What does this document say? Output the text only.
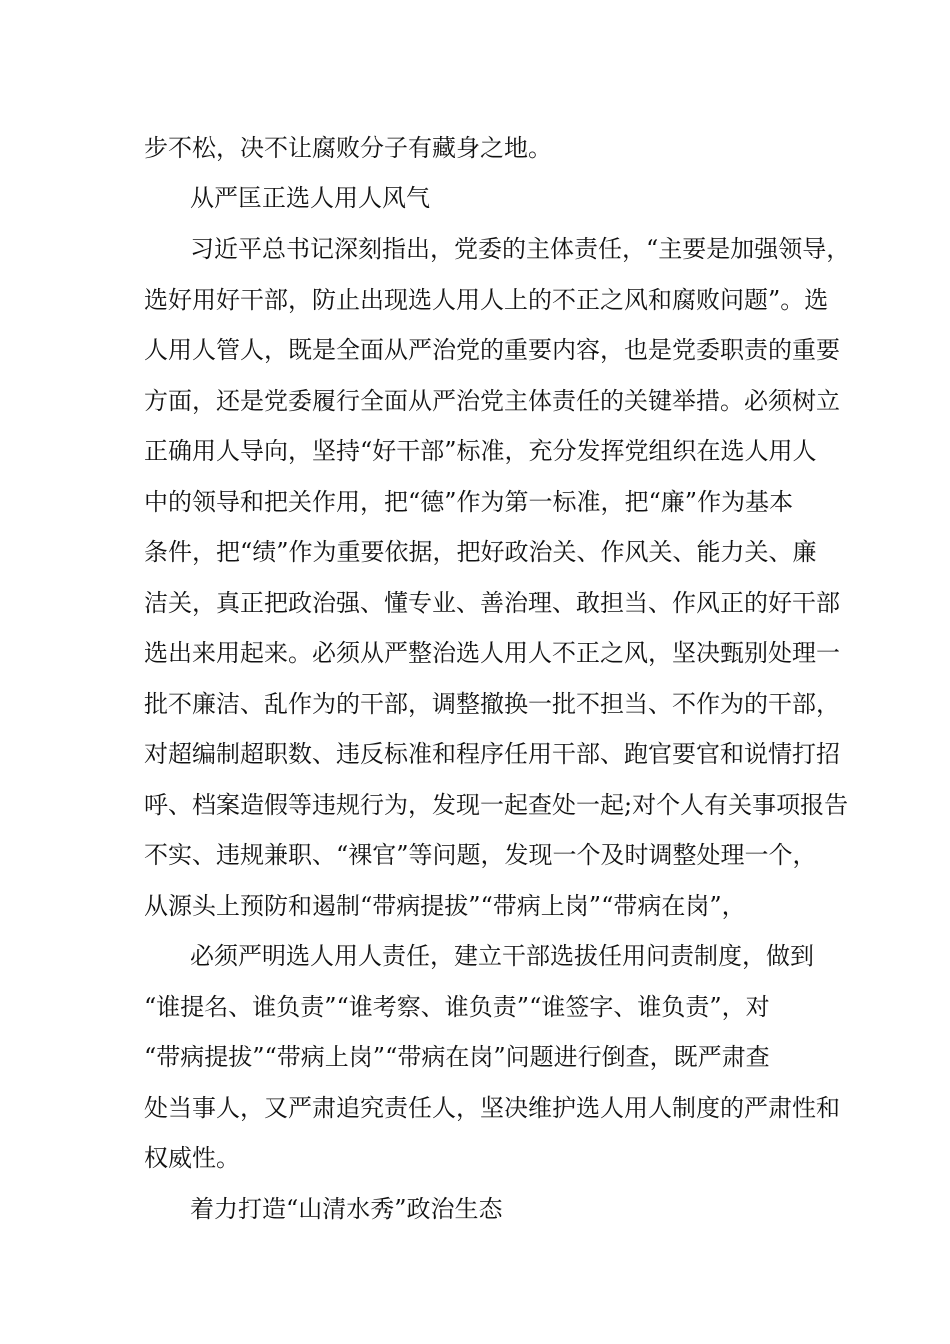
步不松，决不让腐败分子有藏身之地。
从严匡正选人用人风气
习近平总书记深刻指出，党委的主体责任，“主要是加强领导，
选好用好干部，防止出现选人用人上的不正之风和腐败问题”。选
人用人管人，既是全面从严治党的重要内容，也是党委职责的重要
方面，还是党委履行全面从严治党主体责任的关键举措。必须树立
正确用人导向，坚持“好干部”标准，充分发挥党组织在选人用人
中的领导和把关作用，把“德”作为第一标准，把“廉”作为基本
条件，把“绩”作为重要依据，把好政治关、作风关、能力关、廉
洁关，真正把政治强、懂专业、善治理、敢担当、作风正的好干部
选出来用起来。必须从严整治选人用人不正之风，坚决甄别处理一
批不廉洁、乱作为的干部，调整撤换一批不担当、不作为的干部，
对超编制超职数、违反标准和程序任用干部、跑官要官和说情打招
呼、档案造假等违规行为，发现一起查处一起;对个人有关事项报告
不实、违规兼职、“裸官”等问题，发现一个及时调整处理一个，
从源头上预防和遏制“带病提拔”“带病上岗”“带病在岗”，
必须严明选人用人责任，建立干部选拔任用问责制度，做到
“谁提名、谁负责”“谁考察、谁负责”“谁签字、谁负责”，对
“带病提拔”“带病上岗”“带病在岗”问题进行倒查，既严肃查
处当事人，又严肃追究责任人，坚决维护选人用人制度的严肃性和
权威性。
着力打造“山清水秀”政治生态
